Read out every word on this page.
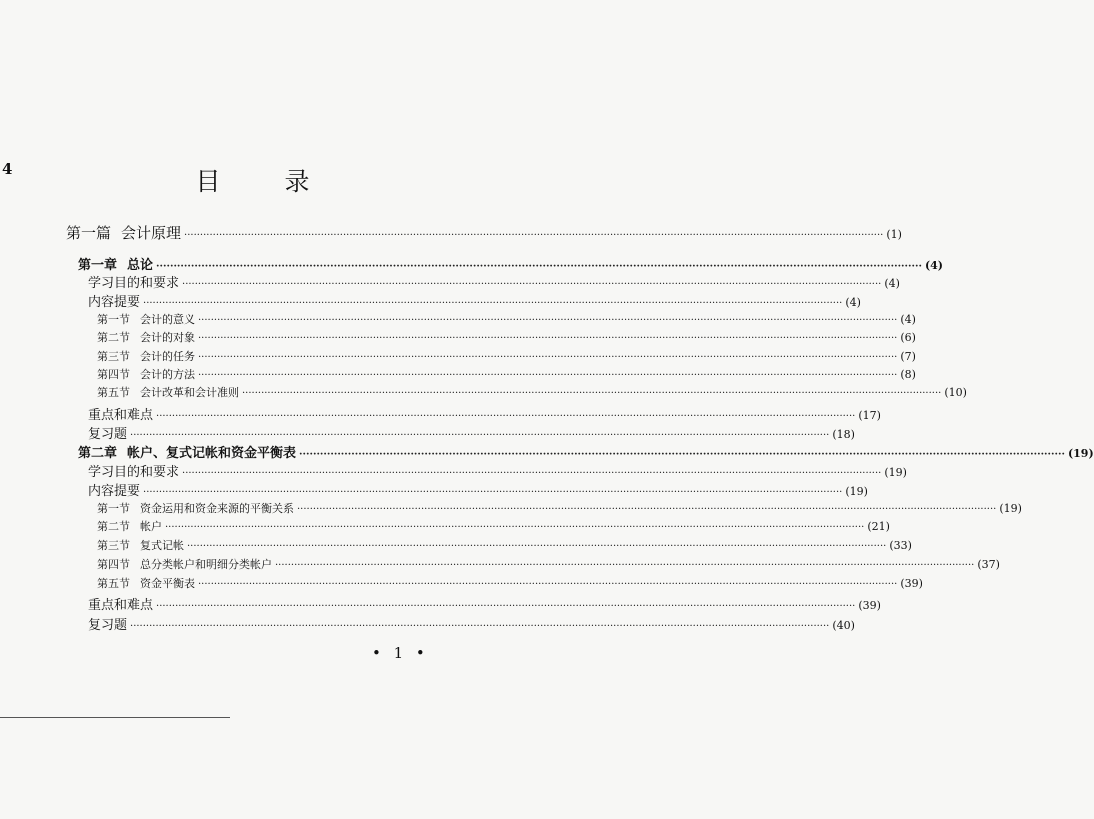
4	目 录
第一篇 会计原理 ···························································································································································································································· (1)
第一章 总论 ···························································································································································································································· (4)
学习目的和要求 ···························································································································································································································· (4)
内容提要 ···························································································································································································································· (4)
第一节 会计的意义 ···························································································································································································································· (4)
第二节 会计的对象 ···························································································································································································································· (6)
第三节 会计的任务 ···························································································································································································································· (7)
第四节 会计的方法 ···························································································································································································································· (8)
第五节 会计改革和会计准则 ···························································································································································································································· (10)
重点和难点 ···························································································································································································································· (17)
复习题 ···························································································································································································································· (18)
第二章 帐户、复式记帐和资金平衡表 ···························································································································································································································· (19)
学习目的和要求 ···························································································································································································································· (19)
内容提要 ···························································································································································································································· (19)
第一节 资金运用和资金来源的平衡关系 ···························································································································································································································· (19)
第二节 帐户 ···························································································································································································································· (21)
第三节 复式记帐 ···························································································································································································································· (33)
第四节 总分类帐户和明细分类帐户 ···························································································································································································································· (37)
第五节 资金平衡表 ···························································································································································································································· (39)
重点和难点 ···························································································································································································································· (39)
复习题 ···························································································································································································································· (40)
• 1 •
